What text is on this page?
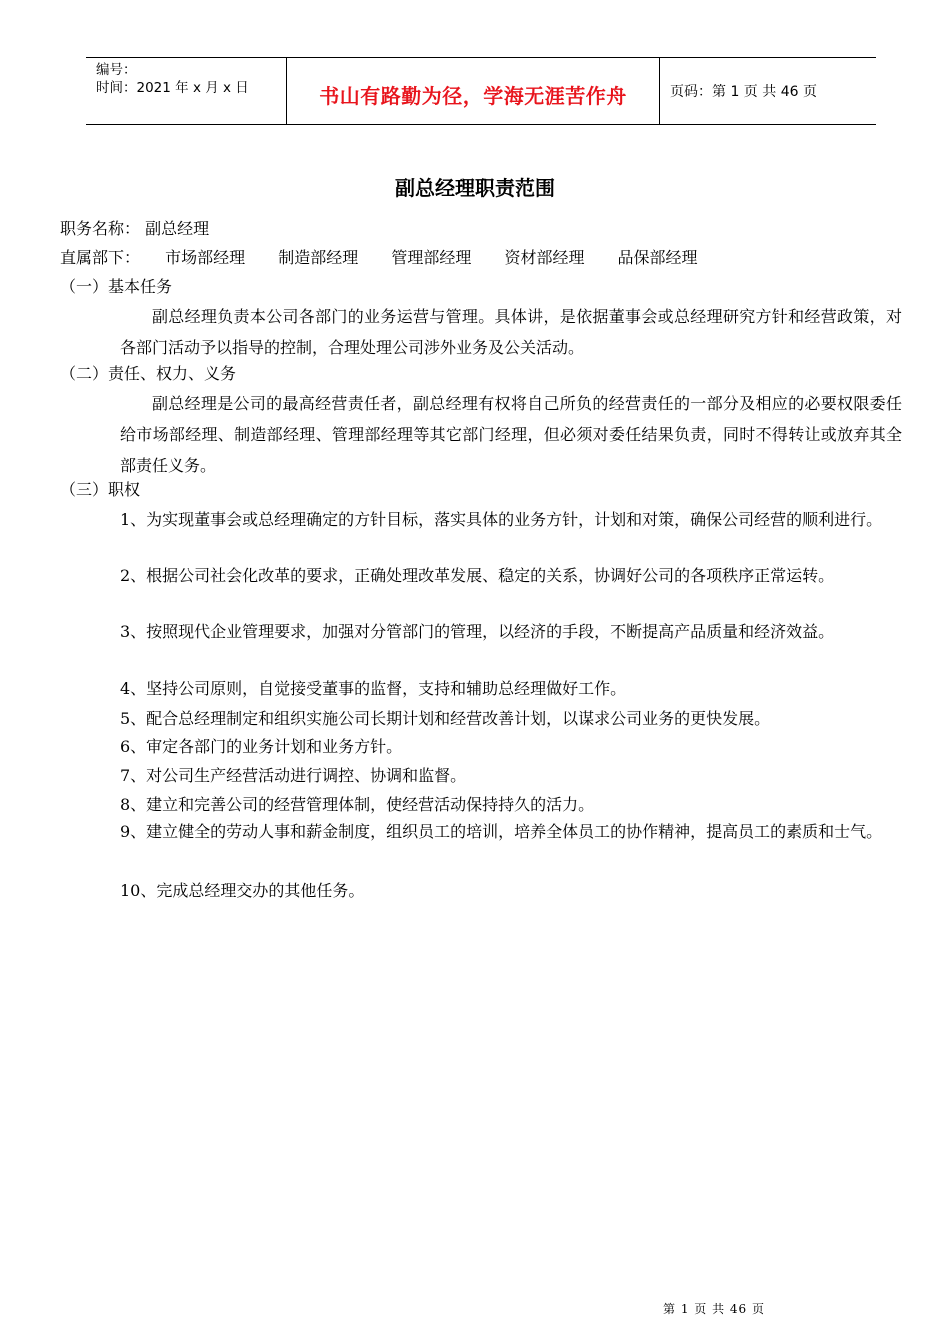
编号：
时间：2021 年 x 月 x 日	书山有路勤为径，学海无涯苦作舟	页码：第 1 页 共 46 页
副总经理职责范围
职务名称： 副总经理
直属部下： 市场部经理 制造部经理 管理部经理 资材部经理 品保部经理
（一）基本任务
副总经理负责本公司各部门的业务运营与管理。具体讲，是依据董事会或总经理研究方针和经营政策，对各部门活动予以指导的控制，合理处理公司涉外业务及公关活动。
（二）责任、权力、义务
副总经理是公司的最高经营责任者，副总经理有权将自己所负的经营责任的一部分及相应的必要权限委任给市场部经理、制造部经理、管理部经理等其它部门经理，但必须对委任结果负责，同时不得转让或放弃其全部责任义务。
（三）职权
1、为实现董事会或总经理确定的方针目标，落实具体的业务方针，计划和对策，确保公司经营的顺利进行。
2、根据公司社会化改革的要求，正确处理改革发展、稳定的关系，协调好公司的各项秩序正常运转。
3、按照现代企业管理要求，加强对分管部门的管理，以经济的手段，不断提高产品质量和经济效益。
4、坚持公司原则，自觉接受董事的监督，支持和辅助总经理做好工作。
5、配合总经理制定和组织实施公司长期计划和经营改善计划，以谋求公司业务的更快发展。
6、审定各部门的业务计划和业务方针。
7、对公司生产经营活动进行调控、协调和监督。
8、建立和完善公司的经营管理体制，使经营活动保持持久的活力。
9、建立健全的劳动人事和薪金制度，组织员工的培训，培养全体员工的协作精神，提高员工的素质和士气。
10、完成总经理交办的其他任务。
第 1 页 共 46 页
